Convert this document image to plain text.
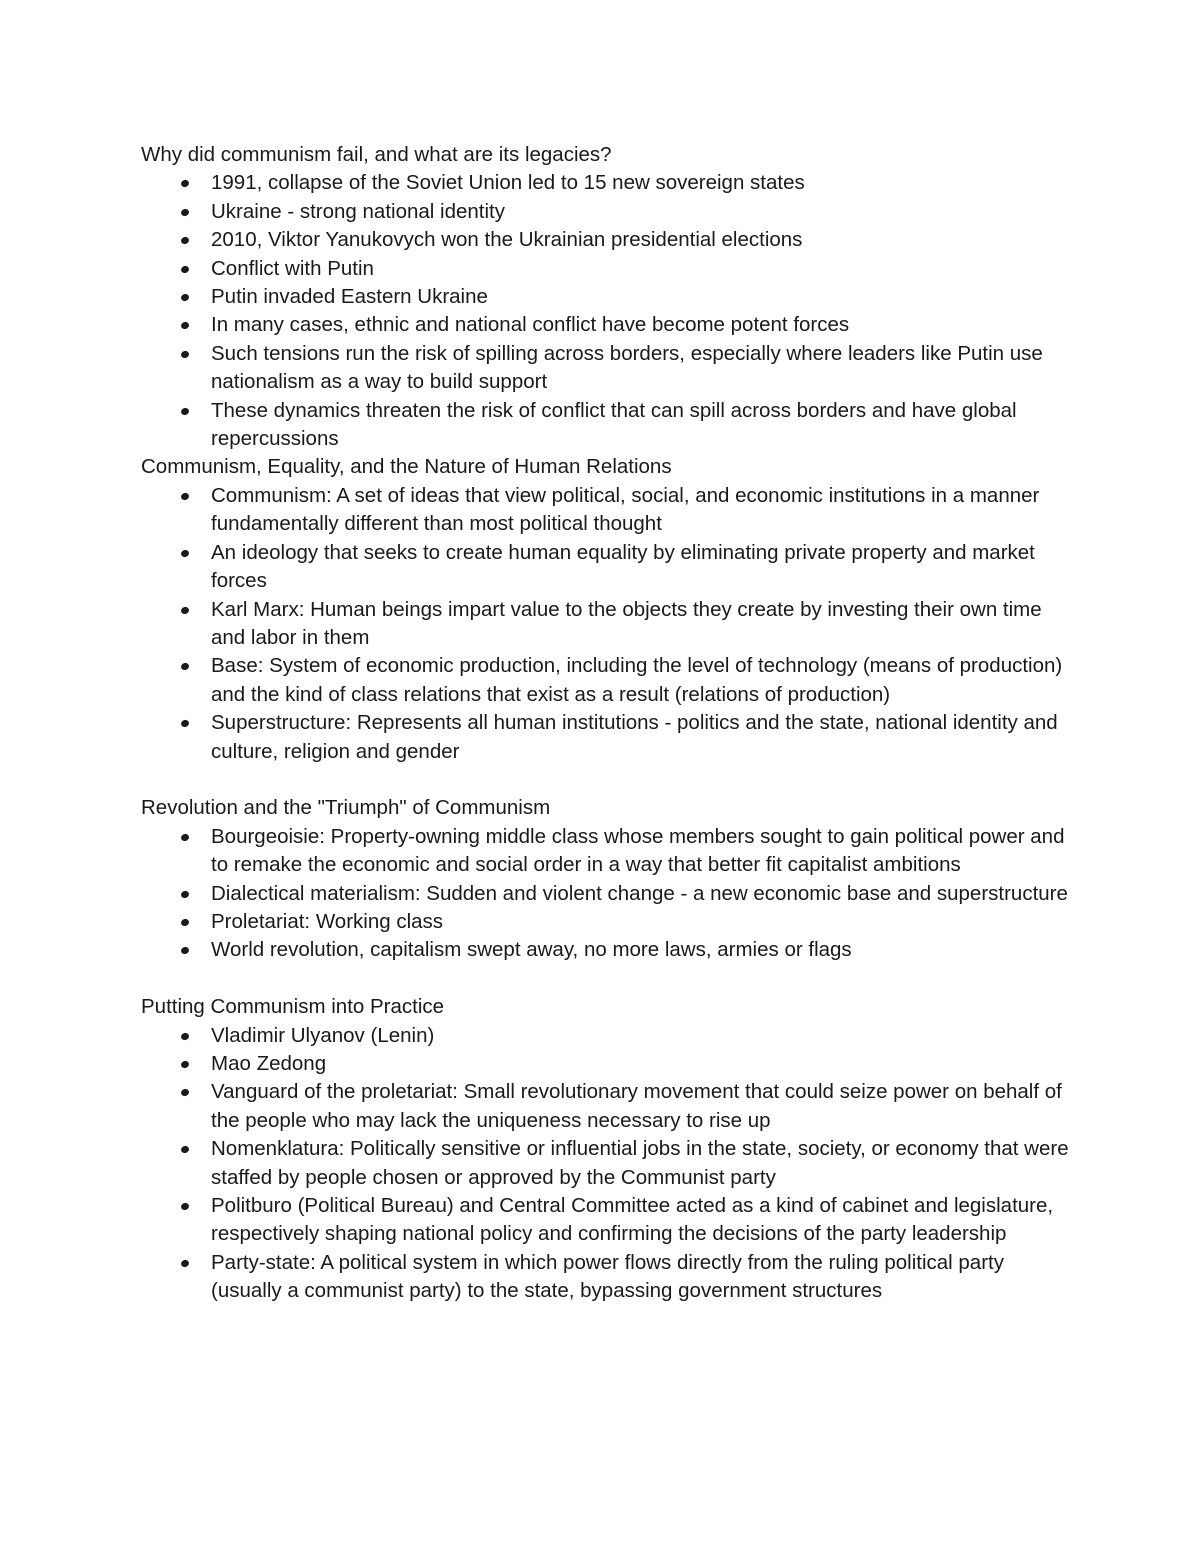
Why did communism fail, and what are its legacies?

1991, collapse of the Soviet Union led to 15 new sovereign states
Ukraine - strong national identity
2010, Viktor Yanukovych won the Ukrainian presidential elections
Conflict with Putin
Putin invaded Eastern Ukraine
In many cases, ethnic and national conflict have become potent forces
Such tensions run the risk of spilling across borders, especially where leaders like Putin use nationalism as a way to build support
These dynamics threaten the risk of conflict that can spill across borders and have global repercussions

Communism, Equality, and the Nature of Human Relations

Communism: A set of ideas that view political, social, and economic institutions in a manner fundamentally different than most political thought
An ideology that seeks to create human equality by eliminating private property and market forces
Karl Marx: Human beings impart value to the objects they create by investing their own time and labor in them
Base: System of economic production, including the level of technology (means of production) and the kind of class relations that exist as a result (relations of production)
Superstructure: Represents all human institutions - politics and the state, national identity and culture, religion and gender

Revolution and the "Triumph" of Communism

Bourgeoisie: Property-owning middle class whose members sought to gain political power and to remake the economic and social order in a way that better fit capitalist ambitions
Dialectical materialism: Sudden and violent change - a new economic base and superstructure
Proletariat: Working class
World revolution, capitalism swept away, no more laws, armies or flags

Putting Communism into Practice

Vladimir Ulyanov (Lenin)
Mao Zedong
Vanguard of the proletariat: Small revolutionary movement that could seize power on behalf of the people who may lack the uniqueness necessary to rise up
Nomenklatura: Politically sensitive or influential jobs in the state, society, or economy that were staffed by people chosen or approved by the Communist party
Politburo (Political Bureau) and Central Committee acted as a kind of cabinet and legislature, respectively shaping national policy and confirming the decisions of the party leadership
Party-state: A political system in which power flows directly from the ruling political party (usually a communist party) to the state, bypassing government structures
